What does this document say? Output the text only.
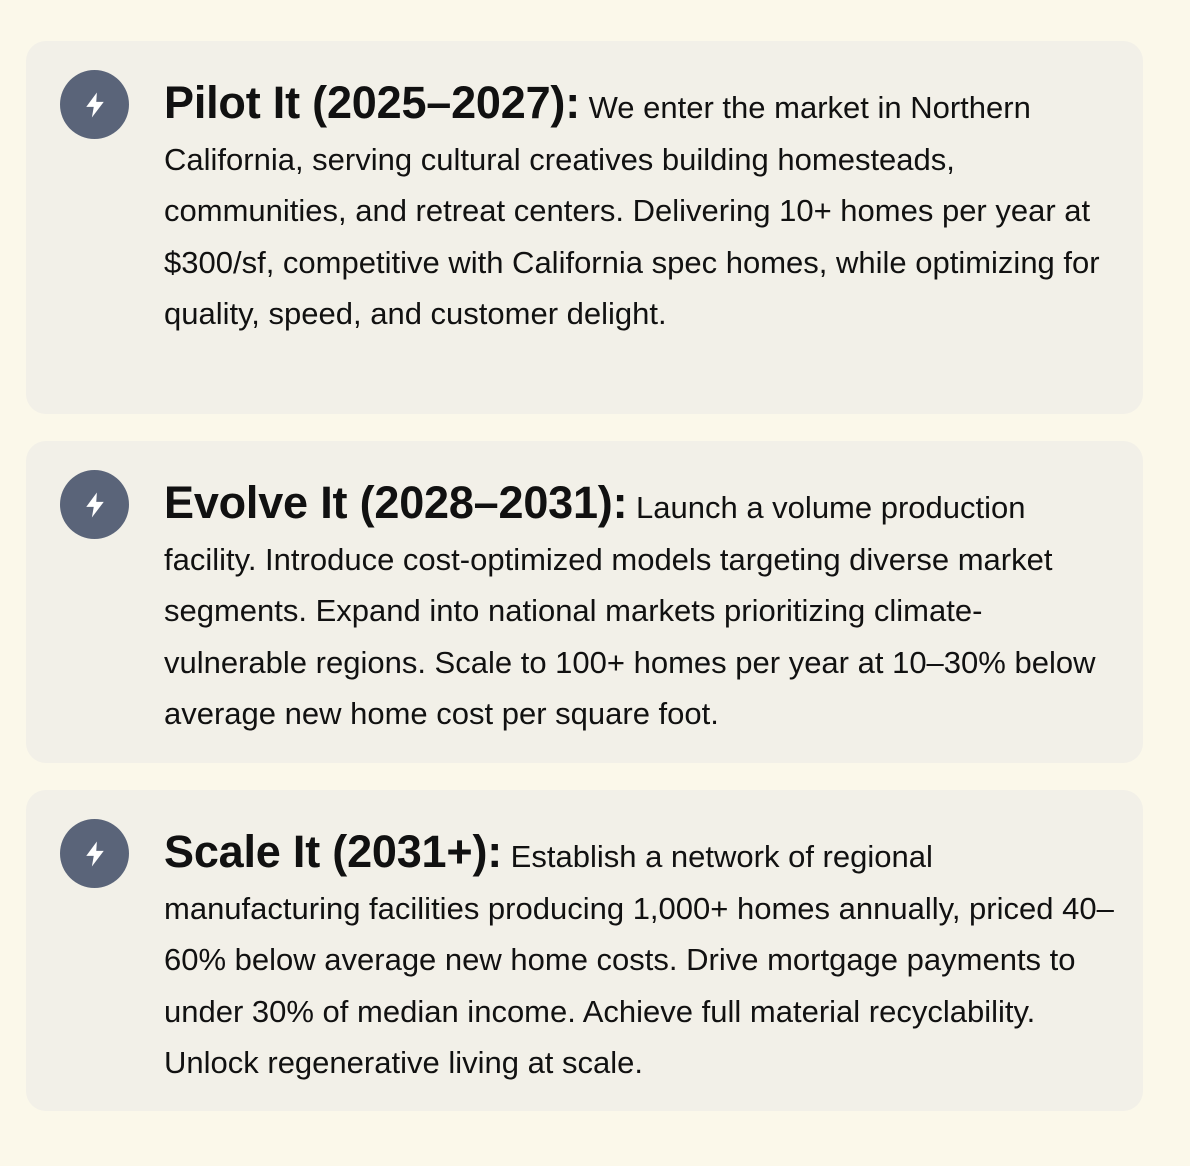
Pilot It (2025–2027): We enter the market in Northern California, serving cultural creatives building homesteads, communities, and retreat centers. Delivering 10+ homes per year at $300/sf, competitive with California spec homes, while optimizing for quality, speed, and customer delight.

Evolve It (2028–2031): Launch a volume production facility. Introduce cost-optimized models targeting diverse market segments. Expand into national markets prioritizing climate-vulnerable regions. Scale to 100+ homes per year at 10–30% below average new home cost per square foot.

Scale It (2031+): Establish a network of regional manufacturing facilities producing 1,000+ homes annually, priced 40–60% below average new home costs. Drive mortgage payments to under 30% of median income. Achieve full material recyclability. Unlock regenerative living at scale.
